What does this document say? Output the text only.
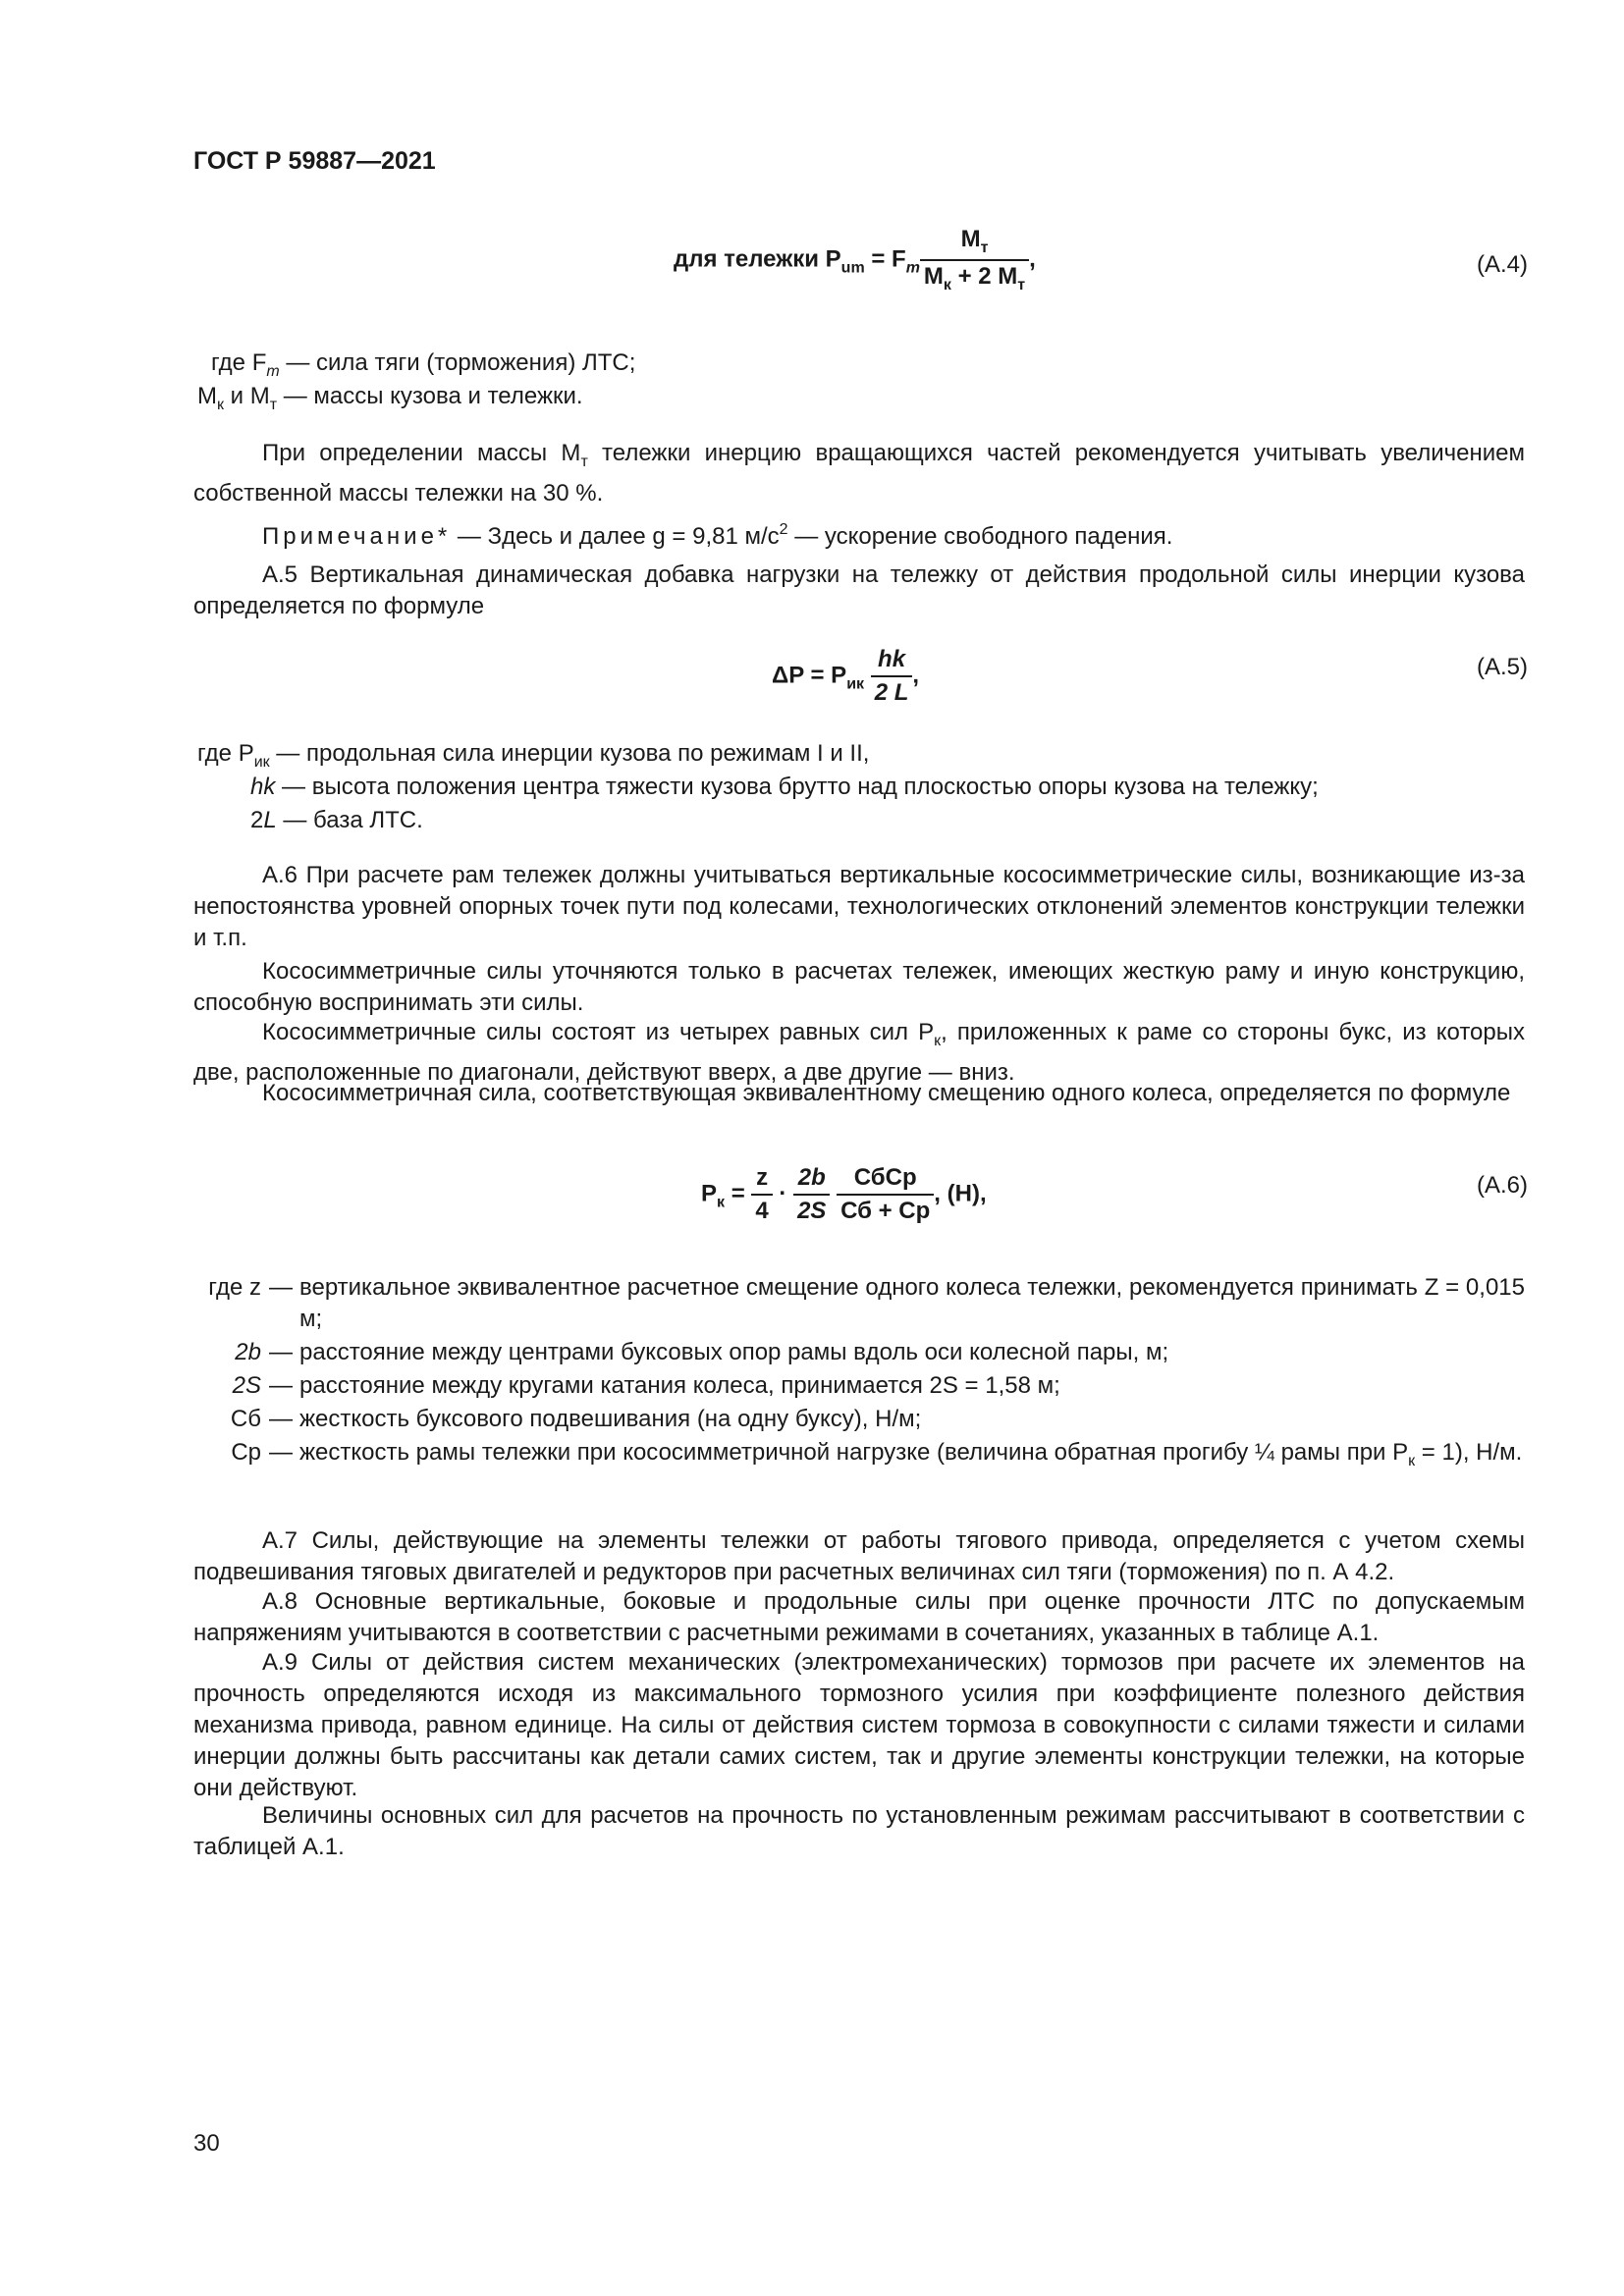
ГОСТ Р 59887—2021
для тележки $P_{um} = F_m \frac{M_т}{M_к + 2 M_т}$ ,	(A.4)
где $F_m$ — сила тяги (торможения) ЛТС;
$M_к$ и $M_т$ — массы кузова и тележки.

При определении массы $M_т$ тележки инерцию вращающихся частей рекомендуется учитывать увеличением собственной массы тележки на 30 %.

Примечание* — Здесь и далее g = 9,81 $м/с^2$ — ускорение свободного падения.

А.5 Вертикальная динамическая добавка нагрузки на тележку от действия продольной силы инерции кузова определяется по формуле

$\Delta P = P_{ик} \frac{hk}{2 L}$ ,	(A.5)
где $P_{ик}$ — продольная сила инерции кузова по режимам I и II,
hk — высота положения центра тяжести кузова брутто над плоскостью опоры кузова на тележку;
2L — база ЛТС.

А.6 При расчете рам тележек должны учитываться вертикальные кососимметрические силы, возникающие из-за непостоянства уровней опорных точек пути под колесами, технологических отклонений элементов конструкции тележки и т.п.

Кососимметричные силы уточняются только в расчетах тележек, имеющих жесткую раму и иную конструкцию, способную воспринимать эти силы.

Кососимметричные силы состоят из четырех равных сил $P_к$, приложенных к раме со стороны букс, из которых две, расположенные по диагонали, действуют вверх, а две другие — вниз.

Кососимметричная сила, соответствующая эквивалентному смещению одного колеса, определяется по формуле

$P_к = \frac{z}{4} \cdot \frac{2b}{2S}$
$\frac{\text{СбCp}}{Сб + Ср}$ , (Н),	(A.6)
где z — вертикальное эквивалентное расчетное смещение одного колеса тележки, рекомендуется принимать Z = 0,015 м;
2b — расстояние между центрами буксовых опор рамы вдоль оси колесной пары, м;
2S — расстояние между кругами катания колеса, принимается 2S = 1,58 м;
Сб — жесткость буксового подвешивания (на одну буксу), Н/м;
Ср — жесткость рамы тележки при кососимметричной нагрузке (величина обратная прогибу ¼ рамы при $P_к = 1$), Н/м.

А.7 Силы, действующие на элементы тележки от работы тягового привода, определяется с учетом схемы подвешивания тяговых двигателей и редукторов при расчетных величинах сил тяги (торможения) по п. А 4.2.

А.8 Основные вертикальные, боковые и продольные силы при оценке прочности ЛТС по допускаемым напряжениям учитываются в соответствии с расчетными режимами в сочетаниях, указанных в таблице А.1.

А.9 Силы от действия систем механических (электромеханических) тормозов при расчете их элементов на прочность определяются исходя из максимального тормозного усилия при коэффициенте полезного действия механизма привода, равном единице. На силы от действия систем тормоза в совокупности с силами тяжести и силами инерции должны быть рассчитаны как детали самих систем, так и другие элементы конструкции тележки, на которые они действуют.

Величины основных сил для расчетов на прочность по установленным режимам рассчитывают в соответствии с таблицей А.1.

30
